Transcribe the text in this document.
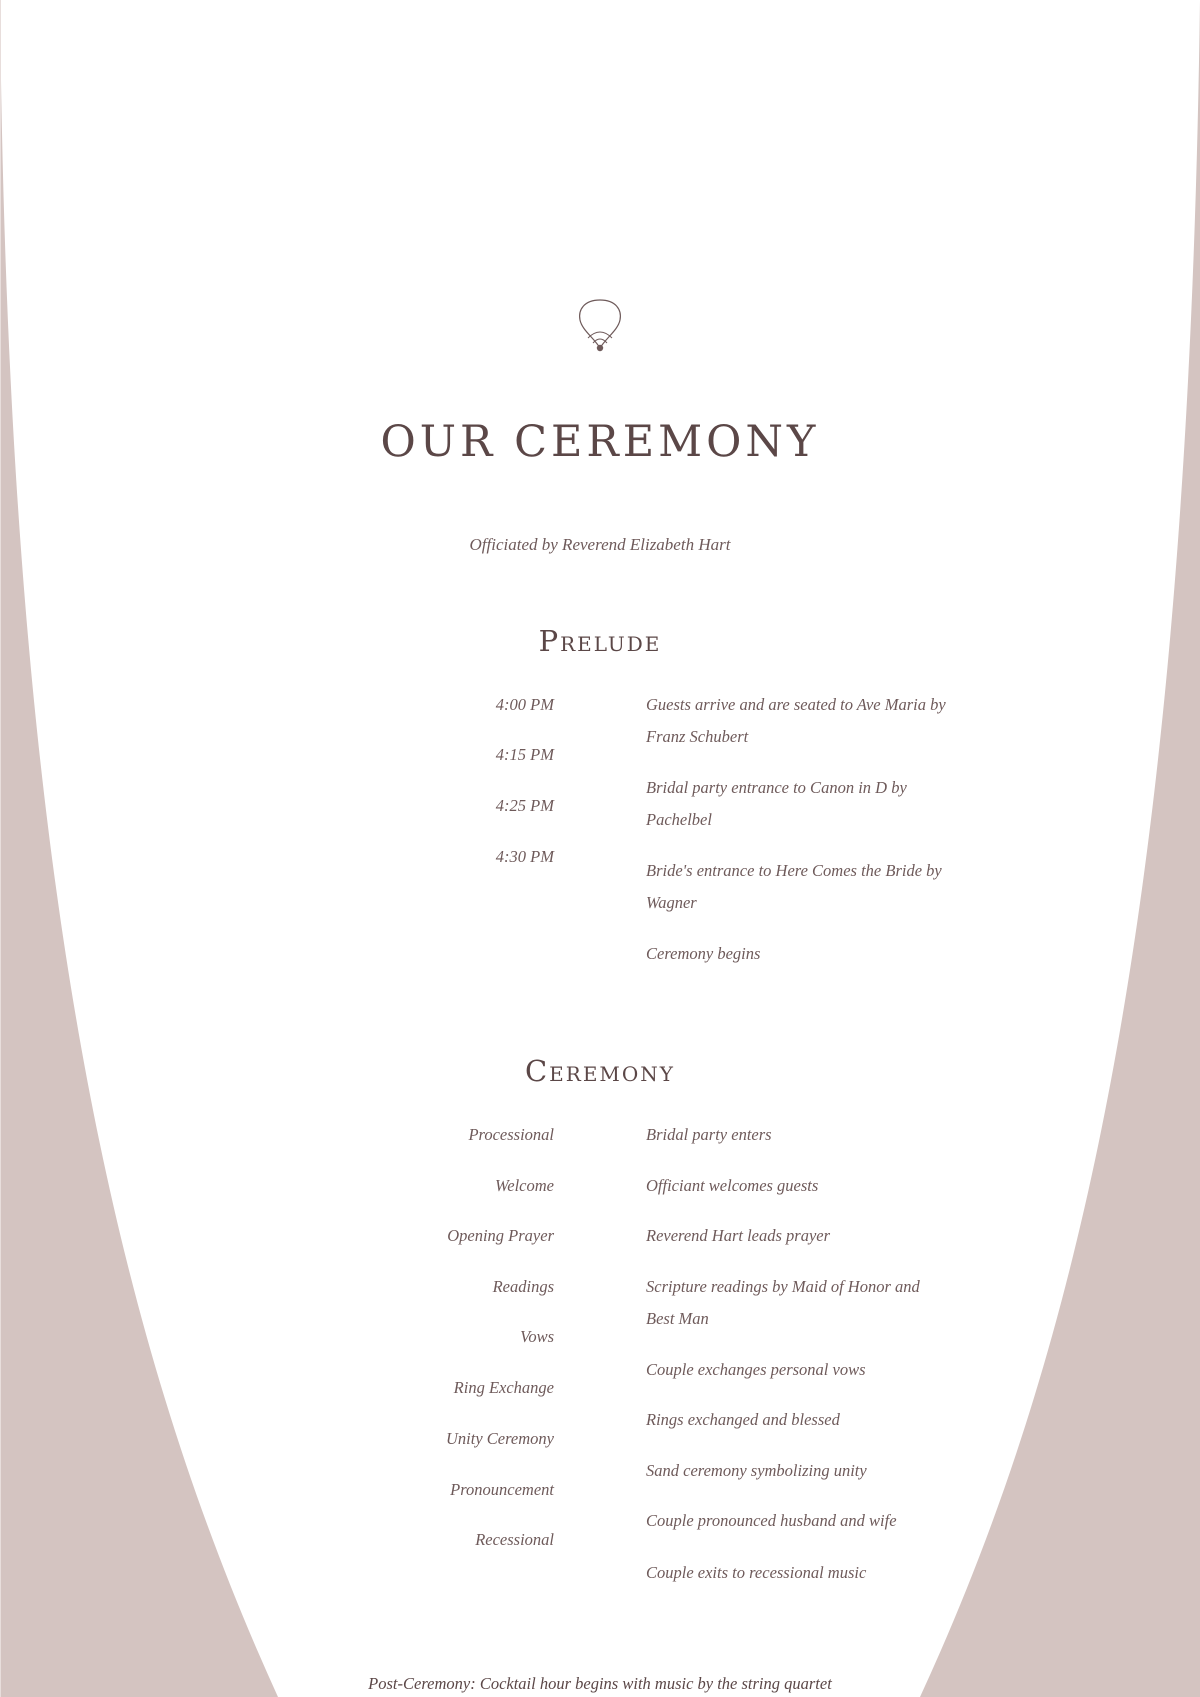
OUR CEREMONY
Officiated by Reverend Elizabeth Hart
Prelude
4:00 PM
4:15 PM
4:25 PM
4:30 PM
Guests arrive and are seated to Ave Maria by Franz Schubert
Bridal party entrance to Canon in D by Pachelbel
Bride's entrance to Here Comes the Bride by Wagner
Ceremony begins
Ceremony
Processional
Welcome
Opening Prayer
Readings
Vows
Ring Exchange
Unity Ceremony
Pronouncement
Recessional
Bridal party enters
Officiant welcomes guests
Reverend Hart leads prayer
Scripture readings by Maid of Honor and Best Man
Couple exchanges personal vows
Rings exchanged and blessed
Sand ceremony symbolizing unity
Couple pronounced husband and wife
Couple exits to recessional music
Post-Ceremony: Cocktail hour begins with music by the string quartet
